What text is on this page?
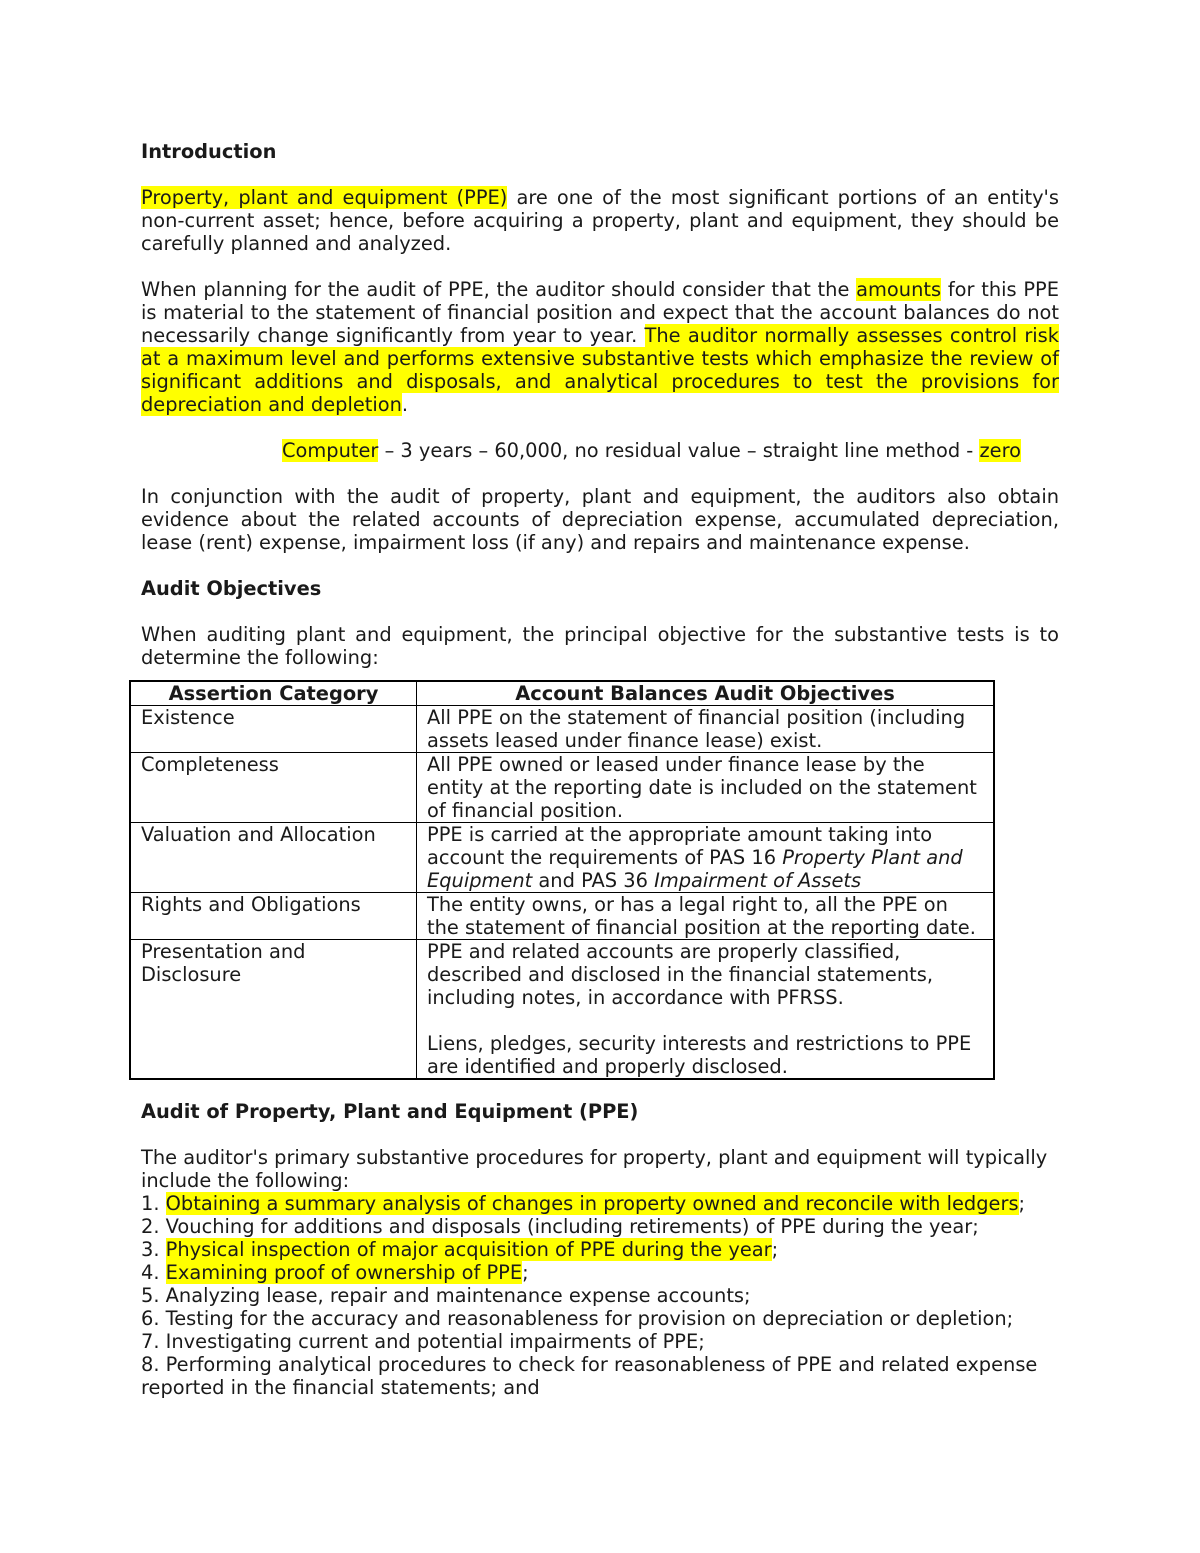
Introduction

Property, plant and equipment (PPE) are one of the most significant portions of an entity's non-current asset; hence, before acquiring a property, plant and equipment, they should be carefully planned and analyzed.

When planning for the audit of PPE, the auditor should consider that the amounts for this PPE is material to the statement of financial position and expect that the account balances do not necessarily change significantly from year to year. The auditor normally assesses control risk at a maximum level and performs extensive substantive tests which emphasize the review of significant additions and disposals, and analytical procedures to test the provisions for depreciation and depletion.

Computer – 3 years – 60,000, no residual value – straight line method - zero

In conjunction with the audit of property, plant and equipment, the auditors also obtain evidence about the related accounts of depreciation expense, accumulated depreciation, lease (rent) expense, impairment loss (if any) and repairs and maintenance expense.

Audit Objectives

When auditing plant and equipment, the principal objective for the substantive tests is to determine the following:

Assertion Category	Account Balances Audit Objectives
Existence	All PPE on the statement of financial position (including assets leased under finance lease) exist.
Completeness	All PPE owned or leased under finance lease by the entity at the reporting date is included on the statement of financial position.
Valuation and Allocation	PPE is carried at the appropriate amount taking into account the requirements of PAS 16 Property Plant and Equipment and PAS 36 Impairment of Assets
Rights and Obligations	The entity owns, or has a legal right to, all the PPE on the statement of financial position at the reporting date.
Presentation and Disclosure	PPE and related accounts are properly classified, described and disclosed in the financial statements, including notes, in accordance with PFRSS.
Liens, pledges, security interests and restrictions to PPE are identified and properly disclosed.
Audit of Property, Plant and Equipment (PPE)

The auditor's primary substantive procedures for property, plant and equipment will typically include the following:

1. Obtaining a summary analysis of changes in property owned and reconcile with ledgers;

2. Vouching for additions and disposals (including retirements) of PPE during the year;

3. Physical inspection of major acquisition of PPE during the year;

4. Examining proof of ownership of PPE;

5. Analyzing lease, repair and maintenance expense accounts;

6. Testing for the accuracy and reasonableness for provision on depreciation or depletion;

7. Investigating current and potential impairments of PPE;

8. Performing analytical procedures to check for reasonableness of PPE and related expense reported in the financial statements; and
